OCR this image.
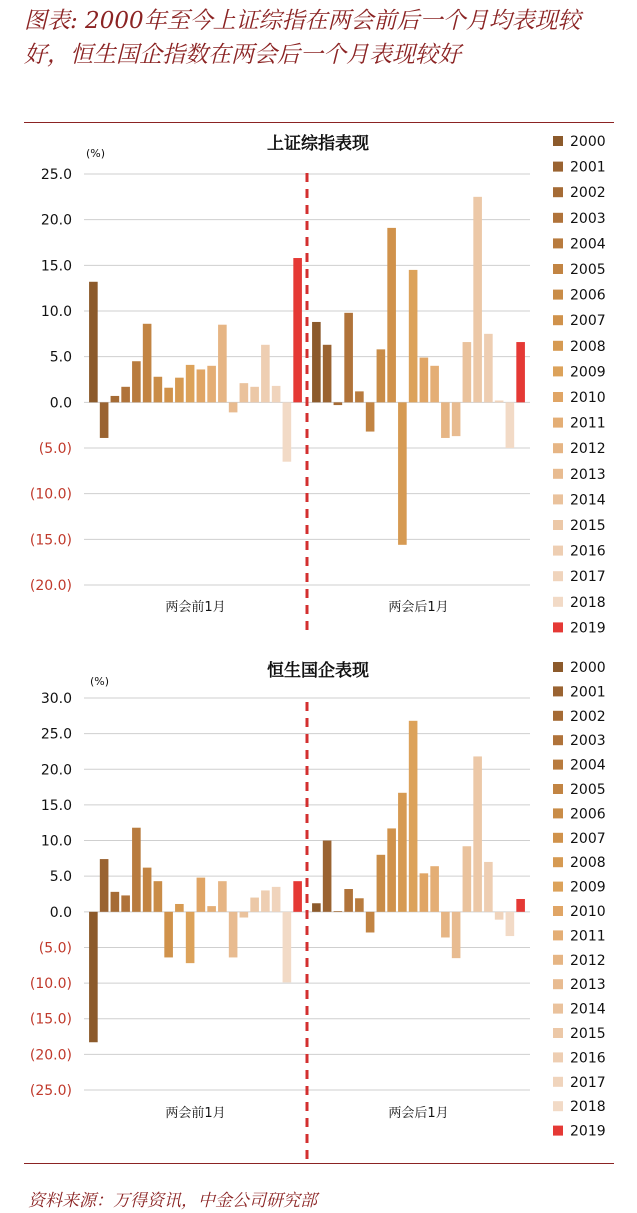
图表: 2000年至今上证综指在两会前后一个月均表现较好，恒生国企指数在两会后一个月表现较好
上证综指表现
(%)
25.0
20.0
15.0
10.0
5.0
0.0
(5.0)
(10.0)
(15.0)
(20.0)
两会前1月	两会后1月
2000
2001
2002
2003
2004
2005
2006
2007
2008
2009
2010
2011
2012
2013
2014
2015
2016
2017
2018
2019
恒生国企表现
(%)
30.0
25.0
20.0
15.0
10.0
5.0
0.0
(5.0)
(10.0)
(15.0)
(20.0)
(25.0)
两会前1月	两会后1月
2000
2001
2002
2003
2004
2005
2006
2007
2008
2009
2010
2011
2012
2013
2014
2015
2016
2017
2018
2019
资料来源：万得资讯，中金公司研究部
